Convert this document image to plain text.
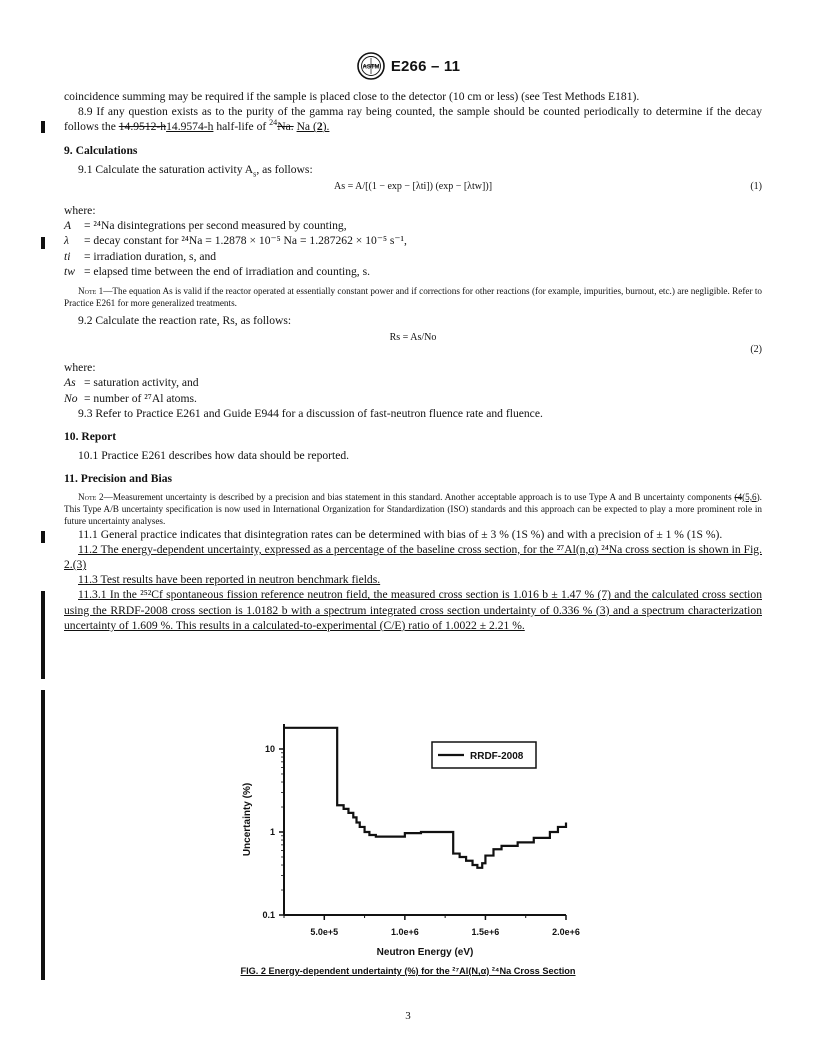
ASTM E266 – 11

coincidence summing may be required if the sample is placed close to the detector (10 cm or less) (see Test Methods E181).

8.9 If any question exists as to the purity of the gamma ray being counted, the sample should be counted periodically to determine if the decay follows the 14.9512-h14.9574-h half-life of $^{24}$Na. Na (2).

9. Calculations

9.1 Calculate the saturation activity $A_s$, as follows:

As = A/[(1 − exp − [λti]) (exp − [λtw])]	(1)

where:

A	= ²⁴Na disintegrations per second measured by counting,
λ	= decay constant for ²⁴Na = 1.2878 × 10⁻⁵ Na = 1.287262 × 10⁻⁵ s⁻¹,
ti	= irradiation duration, s, and
tw = elapsed time between the end of irradiation and counting, s.

Note 1—The equation As is valid if the reactor operated at essentially constant power and if corrections for other reactions (for example, impurities, burnout, etc.) are negligible. Refer to Practice E261 for more generalized treatments.

9.2 Calculate the reaction rate, Rs, as follows:

Rs = As/No
(2)

where:

As = saturation activity, and
No = number of ²⁷Al atoms.

9.3 Refer to Practice E261 and Guide E944 for a discussion of fast-neutron fluence rate and fluence.

10. Report

10.1 Practice E261 describes how data should be reported.

11. Precision and Bias

Note 2—Measurement uncertainty is described by a precision and bias statement in this standard. Another acceptable approach is to use Type A and B uncertainty components (4(5,6). This Type A/B uncertainty specification is now used in International Organization for Standardization (ISO) standards and this approach can be expected to play a more prominent role in future uncertainty analyses.

11.1 General practice indicates that disintegration rates can be determined with bias of ± 3 % (1S %) and with a precision of ± 1 % (1S %).

11.2 The energy-dependent uncertainty, expressed as a percentage of the baseline cross section, for the ²⁷Al(n,α) ²⁴Na cross section is shown in Fig. 2.(3)

11.3 Test results have been reported in neutron benchmark fields.

11.3.1 In the ²⁵²Cf spontaneous fission reference neutron field, the measured cross section is 1.016 b ± 1.47 % (7) and the calculated cross section using the RRDF-2008 cross section is 1.0182 b with a spectrum integrated cross section undertainty of 0.336 % (3) and a spectrum characterization uncertainty of 1.609 %. This results in a calculated-to-experimental (C/E) ratio of 1.0022 ± 2.21 %.

5.0e+5	1.0e+6	1.5e+6	2.0e+6
0.1
1
10
Neutron Energy (eV)
Uncertainty (%)
RRDF-2008
FIG. 2 Energy-dependent undertainty (%) for the ²⁷Al(N,α) ²⁴Na Cross Section
3
